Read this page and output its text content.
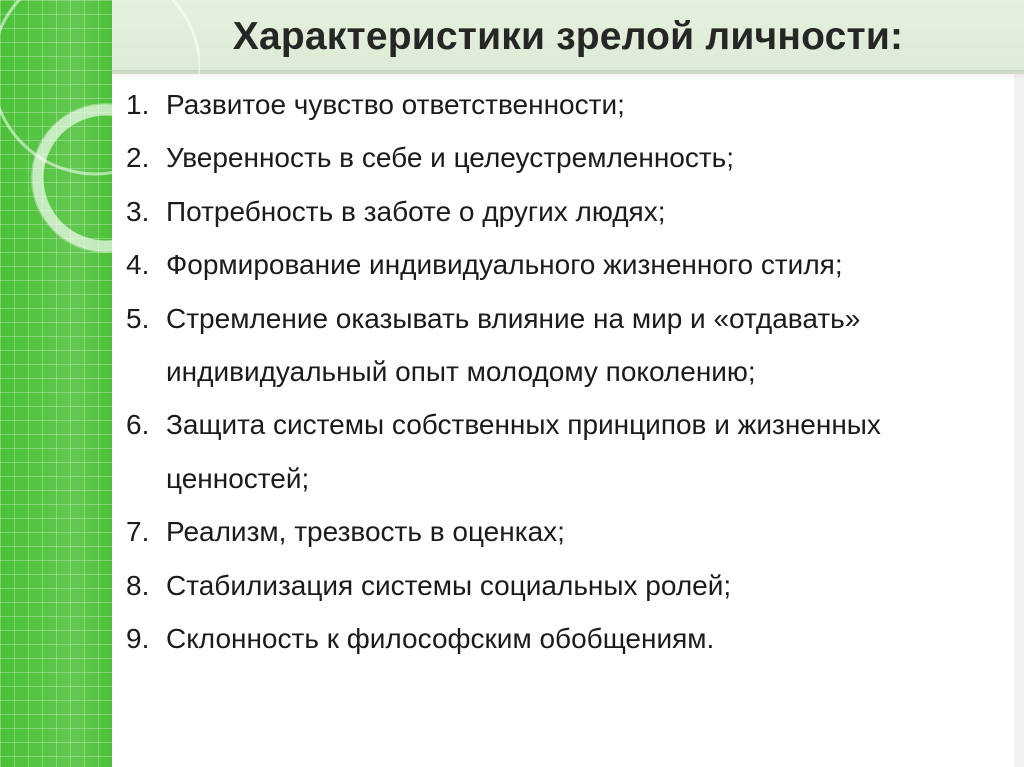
Характеристики зрелой личности:
1. Развитое чувство ответственности;
2. Уверенность в себе и целеустремленность;
3. Потребность в заботе о других людях;
4. Формирование индивидуального жизненного стиля;
5. Стремление оказывать влияние на мир и «отдавать» индивидуальный опыт молодому поколению;
6. Защита системы собственных принципов и жизненных ценностей;
7. Реализм, трезвость в оценках;
8. Стабилизация системы социальных ролей;
9. Склонность к философским обобщениям.
